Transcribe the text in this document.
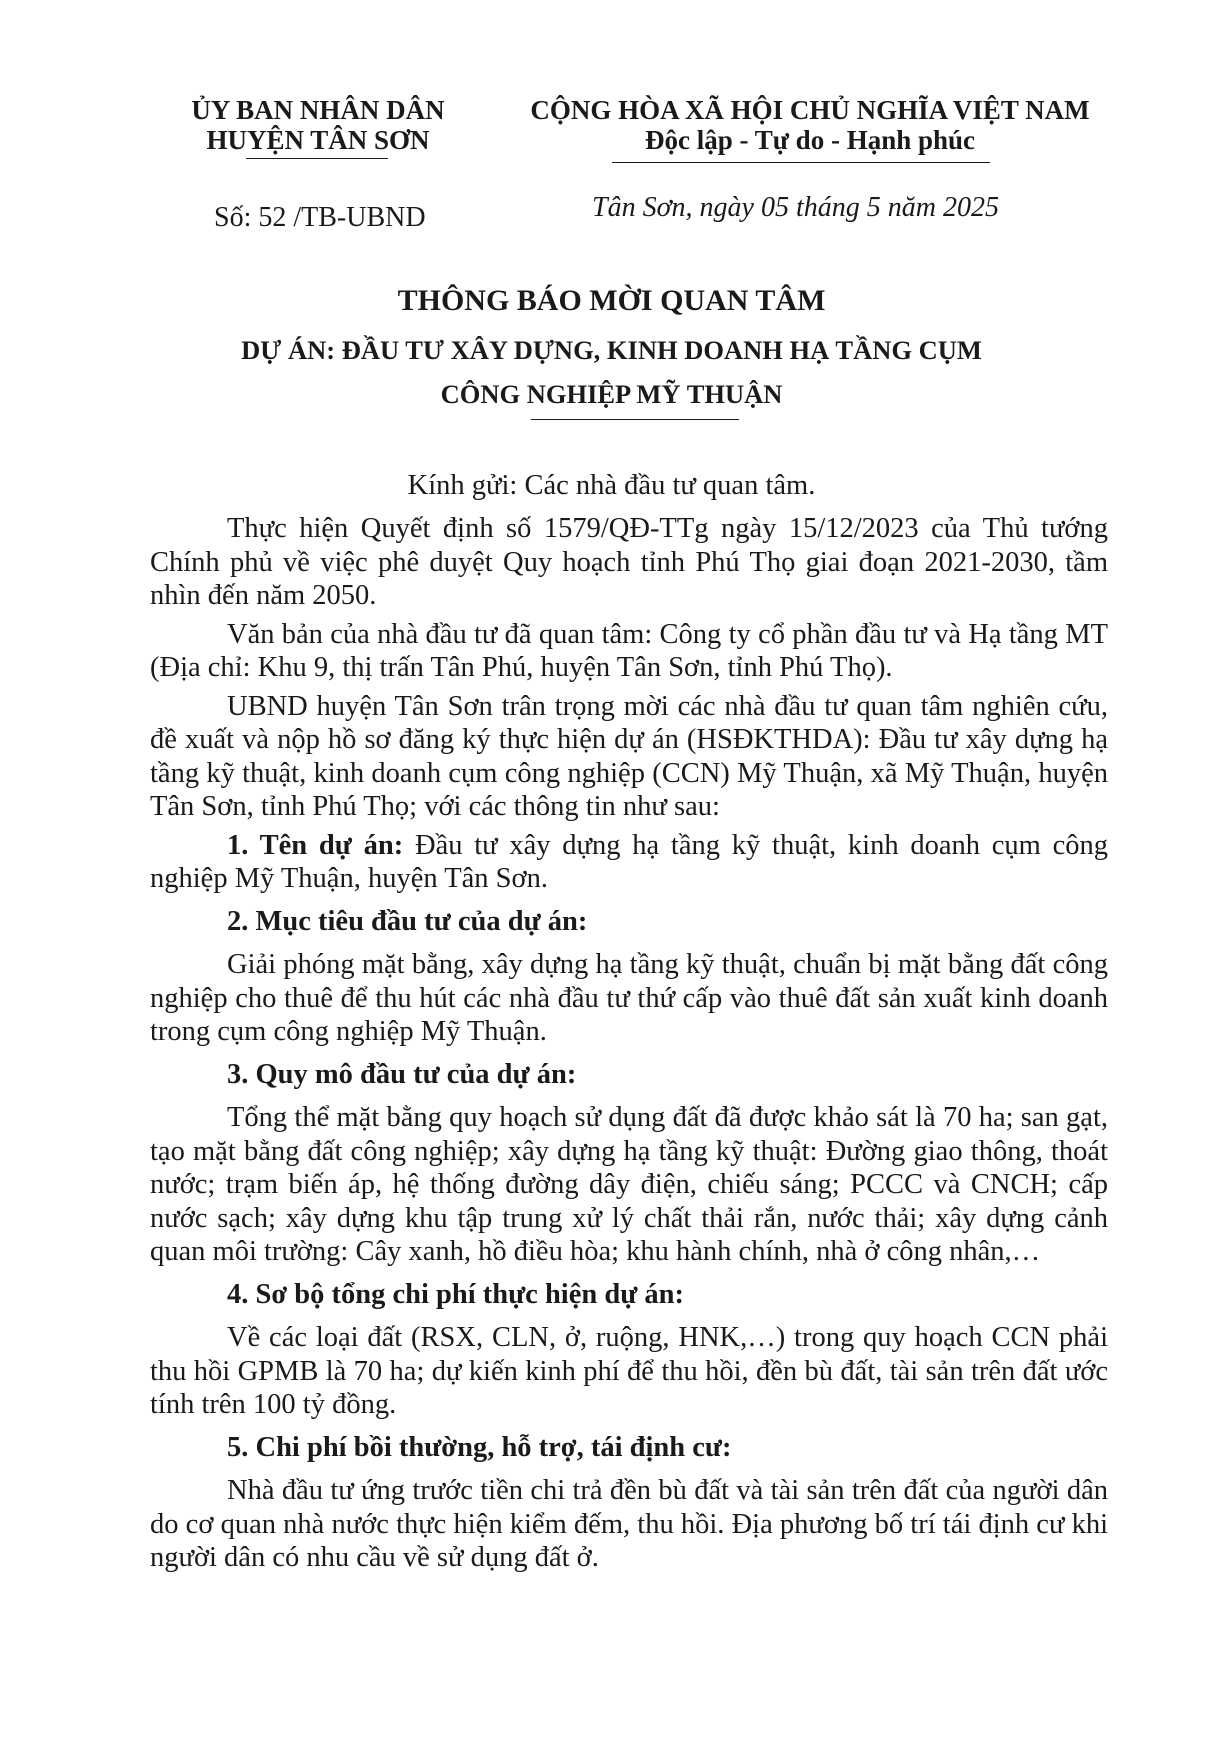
ỦY BAN NHÂN DÂN
HUYỆN TÂN SƠN
CỘNG HÒA XÃ HỘI CHỦ NGHĨA VIỆT NAM
Độc lập - Tự do - Hạnh phúc
Số: 52 /TB-UBND	Tân Sơn, ngày 05 tháng 5 năm 2025
THÔNG BÁO MỜI QUAN TÂM
DỰ ÁN: ĐẦU TƯ XÂY DỰNG, KINH DOANH HẠ TẦNG CỤM
CÔNG NGHIỆP MỸ THUẬN
Kính gửi: Các nhà đầu tư quan tâm.

Thực hiện Quyết định số 1579/QĐ-TTg ngày 15/12/2023 của Thủ tướng Chính phủ về việc phê duyệt Quy hoạch tỉnh Phú Thọ giai đoạn 2021-2030, tầm nhìn đến năm 2050.

Văn bản của nhà đầu tư đã quan tâm: Công ty cổ phần đầu tư và Hạ tầng MT (Địa chỉ: Khu 9, thị trấn Tân Phú, huyện Tân Sơn, tỉnh Phú Thọ).

UBND huyện Tân Sơn trân trọng mời các nhà đầu tư quan tâm nghiên cứu, đề xuất và nộp hồ sơ đăng ký thực hiện dự án (HSĐKTHDA): Đầu tư xây dựng hạ tầng kỹ thuật, kinh doanh cụm công nghiệp (CCN) Mỹ Thuận, xã Mỹ Thuận, huyện Tân Sơn, tỉnh Phú Thọ; với các thông tin như sau:

1. Tên dự án: Đầu tư xây dựng hạ tầng kỹ thuật, kinh doanh cụm công nghiệp Mỹ Thuận, huyện Tân Sơn.

2. Mục tiêu đầu tư của dự án:

Giải phóng mặt bằng, xây dựng hạ tầng kỹ thuật, chuẩn bị mặt bằng đất công nghiệp cho thuê để thu hút các nhà đầu tư thứ cấp vào thuê đất sản xuất kinh doanh trong cụm công nghiệp Mỹ Thuận.

3. Quy mô đầu tư của dự án:

Tổng thể mặt bằng quy hoạch sử dụng đất đã được khảo sát là 70 ha; san gạt, tạo mặt bằng đất công nghiệp; xây dựng hạ tầng kỹ thuật: Đường giao thông, thoát nước; trạm biến áp, hệ thống đường dây điện, chiếu sáng; PCCC và CNCH; cấp nước sạch; xây dựng khu tập trung xử lý chất thải rắn, nước thải; xây dựng cảnh quan môi trường: Cây xanh, hồ điều hòa; khu hành chính, nhà ở công nhân,…

4. Sơ bộ tổng chi phí thực hiện dự án:

Về các loại đất (RSX, CLN, ở, ruộng, HNK,…) trong quy hoạch CCN phải thu hồi GPMB là 70 ha; dự kiến kinh phí để thu hồi, đền bù đất, tài sản trên đất ước tính trên 100 tỷ đồng.

5. Chi phí bồi thường, hỗ trợ, tái định cư:

Nhà đầu tư ứng trước tiền chi trả đền bù đất và tài sản trên đất của người dân do cơ quan nhà nước thực hiện kiểm đếm, thu hồi. Địa phương bố trí tái định cư khi người dân có nhu cầu về sử dụng đất ở.
